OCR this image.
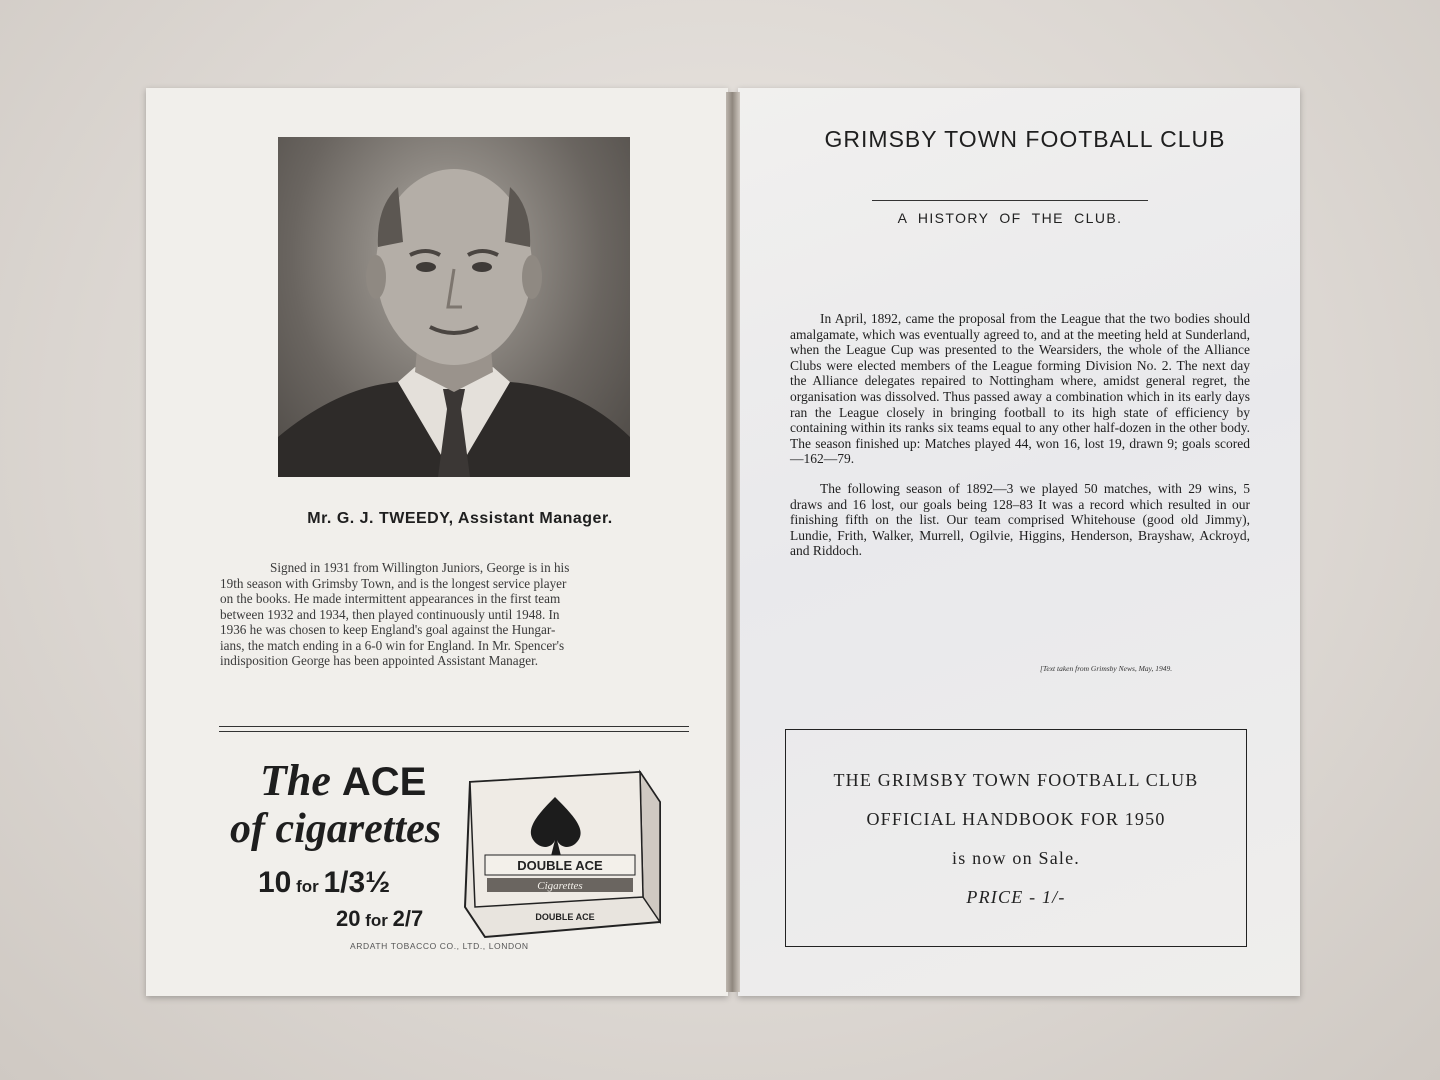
Mr. G. J. TWEEDY, Assistant Manager.

Signed in 1931 from Willington Juniors, George is in his

19th season with Grimsby Town, and is the longest service player

on the books. He made intermittent appearances in the first team

between 1932 and 1934, then played continuously until 1948. In

1936 he was chosen to keep England's goal against the Hungar-

ians, the match ending in a 6-0 win for England. In Mr. Spencer's

indisposition George has been appointed Assistant Manager.

The ACE
of cigarettes
10 for 1/3½
20 for 2/7
ARDATH TOBACCO CO., LTD., LONDON
DOUBLE ACE
Cigarettes
DOUBLE ACE
GRIMSBY TOWN FOOTBALL CLUB
A HISTORY OF THE CLUB.

In April, 1892, came the proposal from the League that the two bodies should amalgamate, which was eventually agreed to, and at the meeting held at Sunderland, when the League Cup was presented to the Wearsiders, the whole of the Alliance Clubs were elected members of the League forming Division No. 2. The next day the Alliance delegates repaired to Nottingham where, amidst general regret, the organisation was dissolved. Thus passed away a combination which in its early days ran the League closely in bringing football to its high state of efficiency by containing within its ranks six teams equal to any other half-dozen in the other body. The season finished up: Matches played 44, won 16, lost 19, drawn 9; goals scored—162—79.

The following season of 1892—3 we played 50 matches, with 29 wins, 5 draws and 16 lost, our goals being 128–83 It was a record which resulted in our finishing fifth on the list. Our team comprised Whitehouse (good old Jimmy), Lundie, Frith, Walker, Murrell, Ogilvie, Higgins, Henderson, Brayshaw, Ackroyd, and Riddoch.

[Text taken from Grimsby News, May, 1949.
THE GRIMSBY TOWN FOOTBALL CLUB
OFFICIAL HANDBOOK FOR 1950
is now on Sale.
PRICE - 1/-
